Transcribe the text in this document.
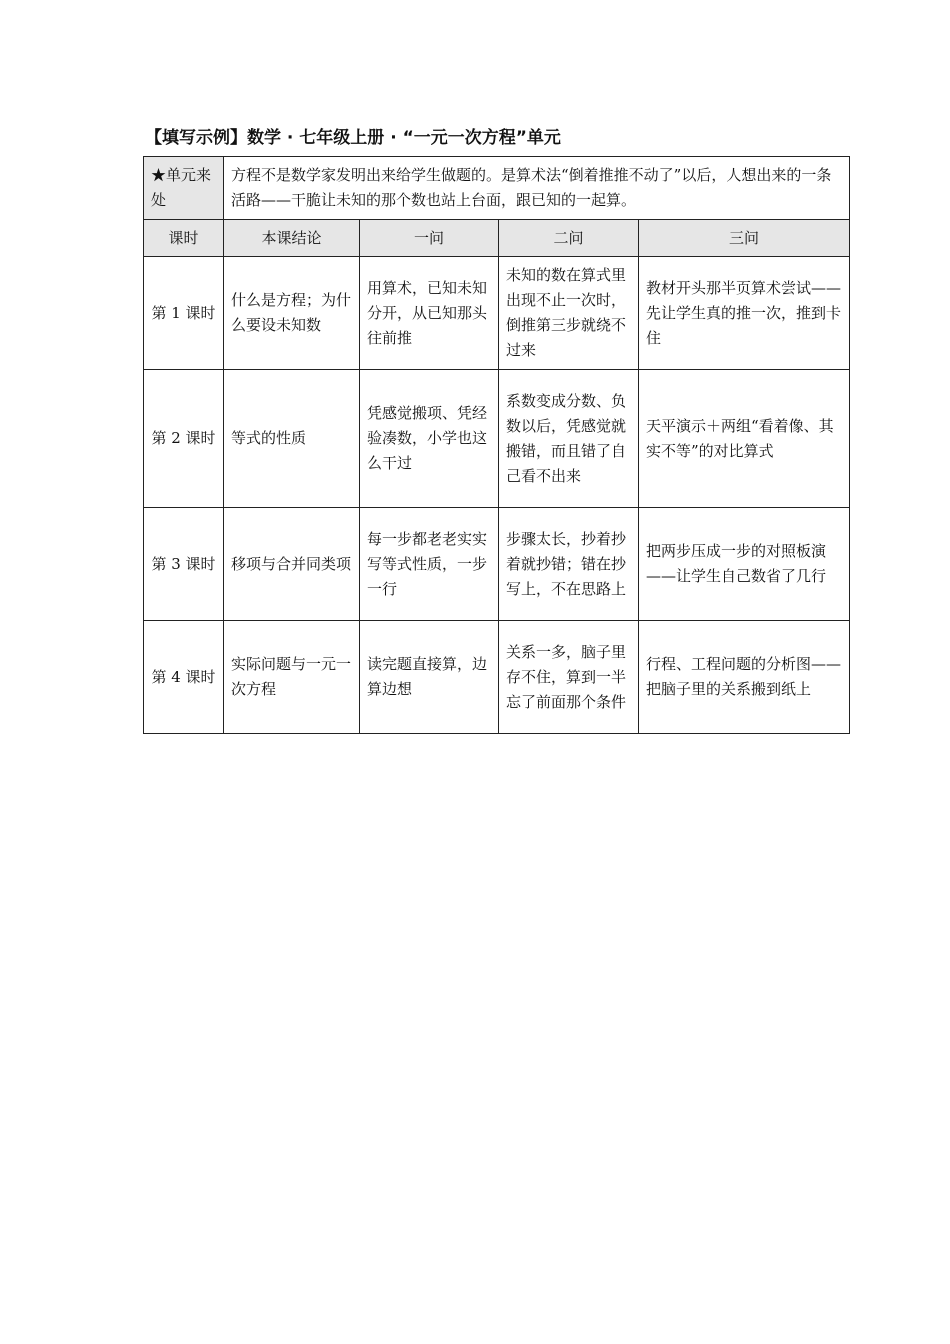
【填写示例】数学 · 七年级上册 · “一元一次方程”单元
★单元来处	方程不是数学家发明出来给学生做题的。是算术法“倒着推推不动了”以后，人想出来的一条活路——干脆让未知的那个数也站上台面，跟已知的一起算。			
课时	本课结论	一问	二问	三问
第 1 课时	什么是方程；为什么要设未知数	用算术，已知未知分开，从已知那头往前推	未知的数在算式里出现不止一次时，倒推第三步就绕不过来	教材开头那半页算术尝试——先让学生真的推一次，推到卡住
第 2 课时	等式的性质	凭感觉搬项、凭经验凑数，小学也这么干过	系数变成分数、负数以后，凭感觉就搬错，而且错了自己看不出来	天平演示＋两组“看着像、其实不等”的对比算式
第 3 课时	移项与合并同类项	每一步都老老实实写等式性质，一步一行	步骤太长，抄着抄着就抄错；错在抄写上，不在思路上	把两步压成一步的对照板演——让学生自己数省了几行
第 4 课时	实际问题与一元一次方程	读完题直接算，边算边想	关系一多，脑子里存不住，算到一半忘了前面那个条件	行程、工程问题的分析图——把脑子里的关系搬到纸上
